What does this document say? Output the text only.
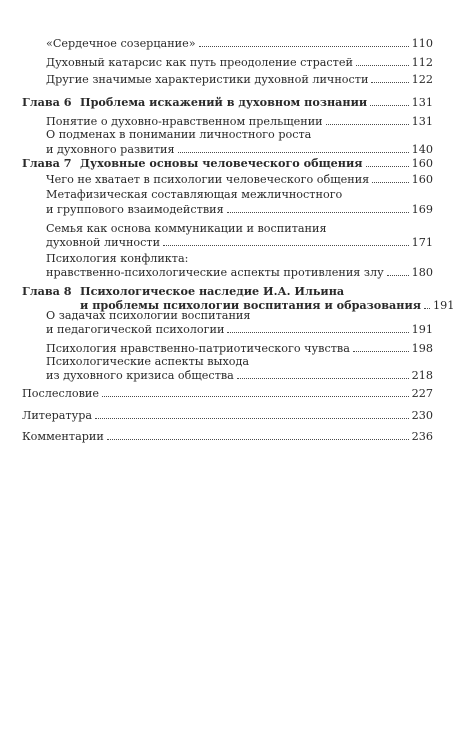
«Сердечное созерцание»	110
Духовный катарсис как путь преодоление страстей	112
Другие значимые характеристики духовной личности	122
Глава 6 Проблема искажений в духовном познании	131
Понятие о духовно-нравственном прельщении	131
О подменах в понимании личностного роста
и духовного развития	140
Глава 7 Духовные основы человеческого общения	160
Чего не хватает в психологии человеческого общения	160
Метафизическая составляющая межличностного
и группового взаимодействия	169
Семья как основа коммуникации и воспитания
духовной личности	171
Психология конфликта:
нравственно-психологические аспекты противления злу 180
Глава 8 Психологическое наследие И.А. Ильина
и проблемы психологии воспитания и образования 191
О задачах психологии воспитания
и педагогической психологии	191
Психология нравственно-патриотического чувства	198
Психологические аспекты выхода
из духовного кризиса общества	218
Послесловие	227
Литература	230
Комментарии	236
